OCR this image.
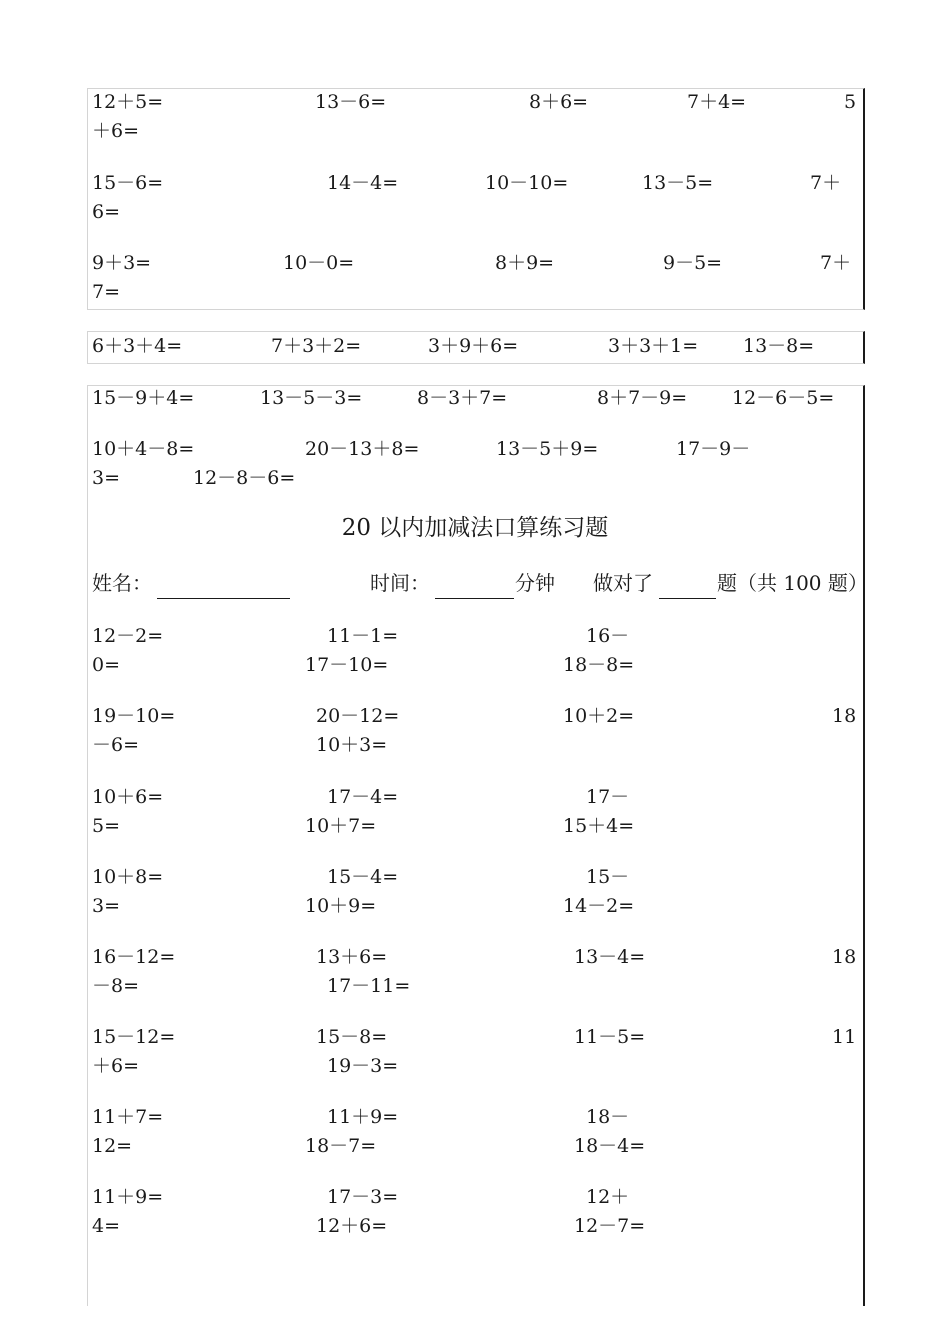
12＋5=	13－6=	8＋6=	7＋4=	5
＋6=
15－6=	14－4=	10－10=	13－5=	7＋
6=
9＋3=	10－0=	8＋9=	9－5=	7＋
7=
6＋3＋4=	7＋3＋2=	3＋9＋6=	3＋3＋1= 13－8=
15－9＋4=	13－5－3=	8－3＋7=	8＋7－9= 12－6－5=
10＋4－8=	20－13＋8=	13－5＋9=	17－9－
3=	12－8－6=
20 以内加减法口算练习题
姓名：	时间：	分钟 做对了	题（共 100 题）
12－2=	11－1=	16－
0=	17－10=	18－8=
19－10=	20－12=	10＋2=	18
－6=	10＋3=
10＋6=	17－4=	17－
5=	10＋7=	15＋4=
10＋8=	15－4=	15－
3=	10＋9=	14－2=
16－12=	13＋6=	13－4=	18
－8=	17－11=
15－12=	15－8=	11－5=	11
＋6=	19－3=
11＋7=	11＋9=	18－
12=	18－7=	18－4=
11＋9=	17－3=	12＋
4=	12＋6=	12－7=
